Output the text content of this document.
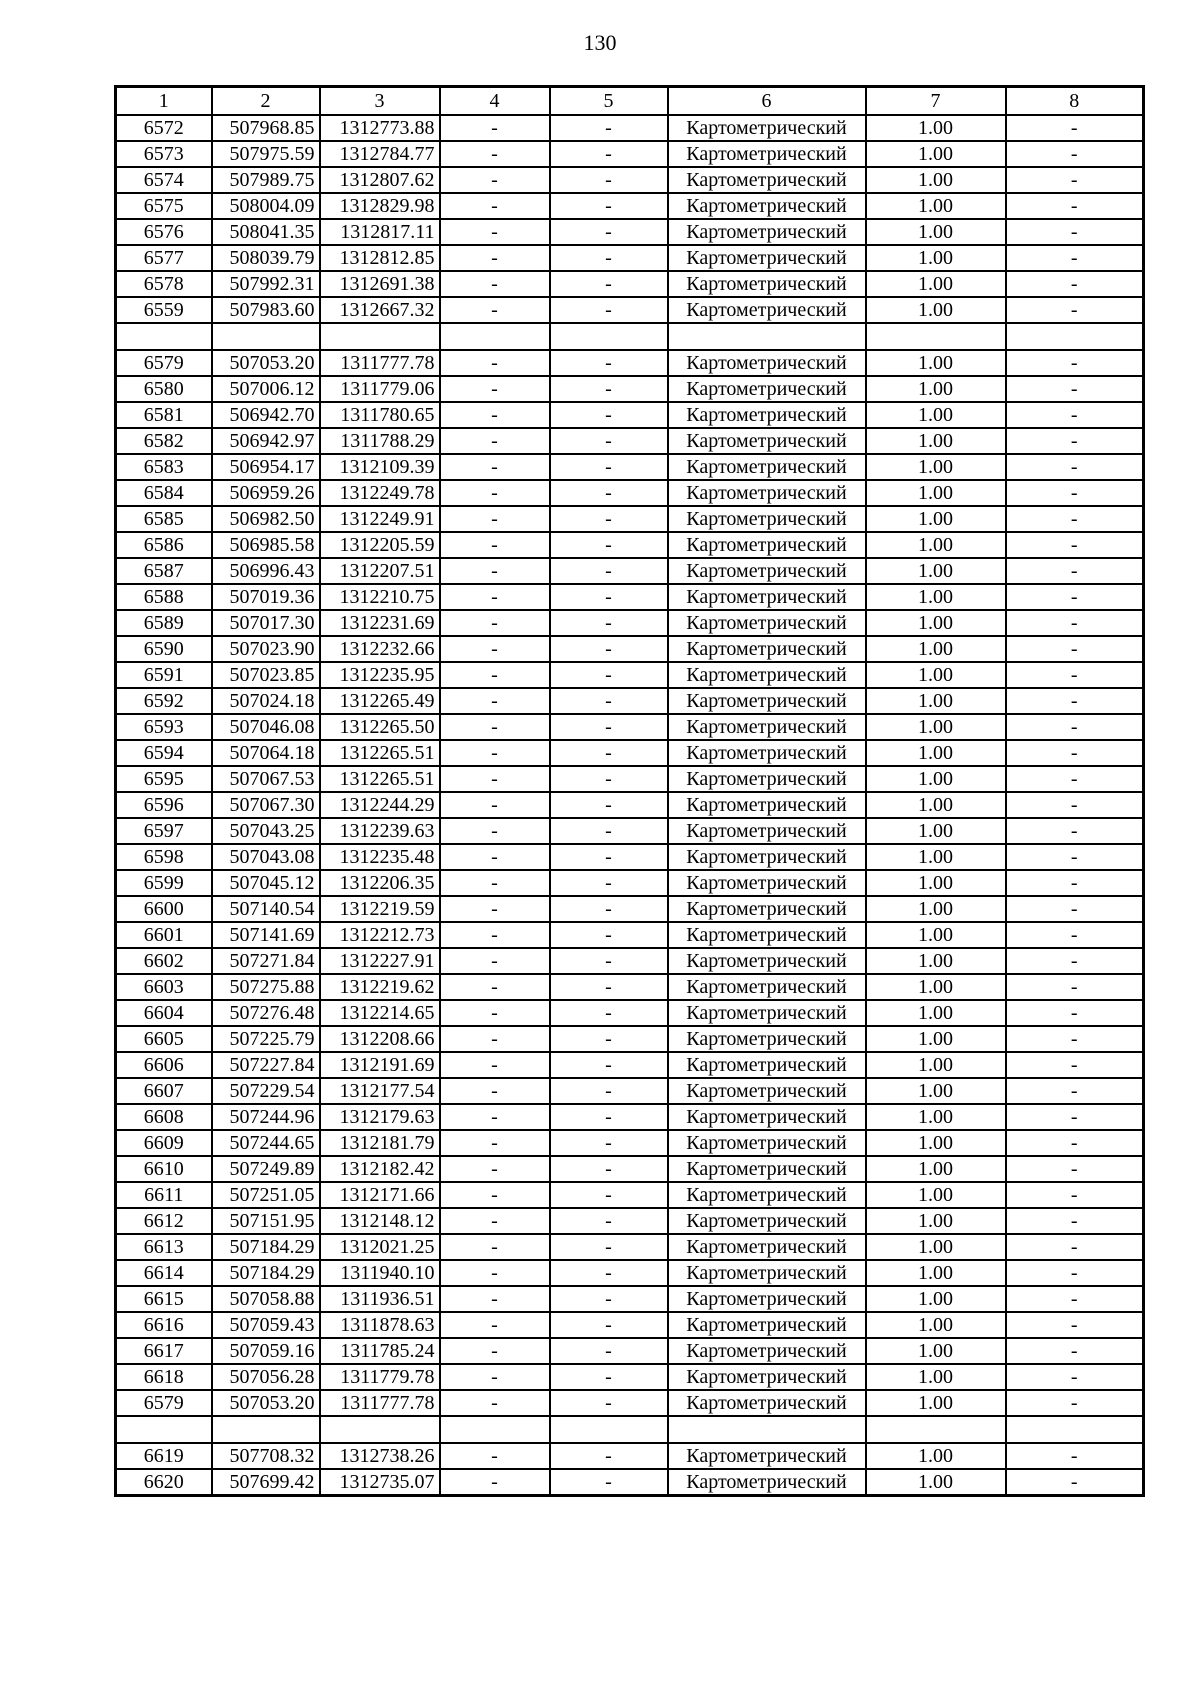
130
1	2	3	4	5	6	7	8
6572	507968.85	1312773.88	-	-	Картометрический	1.00	-
6573	507975.59	1312784.77	-	-	Картометрический	1.00	-
6574	507989.75	1312807.62	-	-	Картометрический	1.00	-
6575	508004.09	1312829.98	-	-	Картометрический	1.00	-
6576	508041.35	1312817.11	-	-	Картометрический	1.00	-
6577	508039.79	1312812.85	-	-	Картометрический	1.00	-
6578	507992.31	1312691.38	-	-	Картометрический	1.00	-
6559	507983.60	1312667.32	-	-	Картометрический	1.00	-

6579	507053.20	1311777.78	-	-	Картометрический	1.00	-
6580	507006.12	1311779.06	-	-	Картометрический	1.00	-
6581	506942.70	1311780.65	-	-	Картометрический	1.00	-
6582	506942.97	1311788.29	-	-	Картометрический	1.00	-
6583	506954.17	1312109.39	-	-	Картометрический	1.00	-
6584	506959.26	1312249.78	-	-	Картометрический	1.00	-
6585	506982.50	1312249.91	-	-	Картометрический	1.00	-
6586	506985.58	1312205.59	-	-	Картометрический	1.00	-
6587	506996.43	1312207.51	-	-	Картометрический	1.00	-
6588	507019.36	1312210.75	-	-	Картометрический	1.00	-
6589	507017.30	1312231.69	-	-	Картометрический	1.00	-
6590	507023.90	1312232.66	-	-	Картометрический	1.00	-
6591	507023.85	1312235.95	-	-	Картометрический	1.00	-
6592	507024.18	1312265.49	-	-	Картометрический	1.00	-
6593	507046.08	1312265.50	-	-	Картометрический	1.00	-
6594	507064.18	1312265.51	-	-	Картометрический	1.00	-
6595	507067.53	1312265.51	-	-	Картометрический	1.00	-
6596	507067.30	1312244.29	-	-	Картометрический	1.00	-
6597	507043.25	1312239.63	-	-	Картометрический	1.00	-
6598	507043.08	1312235.48	-	-	Картометрический	1.00	-
6599	507045.12	1312206.35	-	-	Картометрический	1.00	-
6600	507140.54	1312219.59	-	-	Картометрический	1.00	-
6601	507141.69	1312212.73	-	-	Картометрический	1.00	-
6602	507271.84	1312227.91	-	-	Картометрический	1.00	-
6603	507275.88	1312219.62	-	-	Картометрический	1.00	-
6604	507276.48	1312214.65	-	-	Картометрический	1.00	-
6605	507225.79	1312208.66	-	-	Картометрический	1.00	-
6606	507227.84	1312191.69	-	-	Картометрический	1.00	-
6607	507229.54	1312177.54	-	-	Картометрический	1.00	-
6608	507244.96	1312179.63	-	-	Картометрический	1.00	-
6609	507244.65	1312181.79	-	-	Картометрический	1.00	-
6610	507249.89	1312182.42	-	-	Картометрический	1.00	-
6611	507251.05	1312171.66	-	-	Картометрический	1.00	-
6612	507151.95	1312148.12	-	-	Картометрический	1.00	-
6613	507184.29	1312021.25	-	-	Картометрический	1.00	-
6614	507184.29	1311940.10	-	-	Картометрический	1.00	-
6615	507058.88	1311936.51	-	-	Картометрический	1.00	-
6616	507059.43	1311878.63	-	-	Картометрический	1.00	-
6617	507059.16	1311785.24	-	-	Картометрический	1.00	-
6618	507056.28	1311779.78	-	-	Картометрический	1.00	-
6579	507053.20	1311777.78	-	-	Картометрический	1.00	-

6619	507708.32	1312738.26	-	-	Картометрический	1.00	-
6620	507699.42	1312735.07	-	-	Картометрический	1.00	-
